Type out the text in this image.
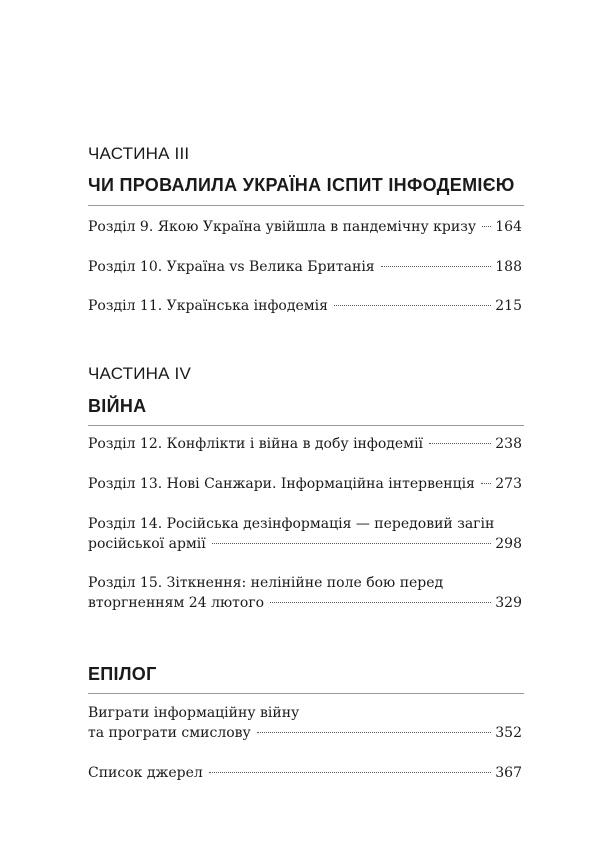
ЧАСТИНА III
ЧИ ПРОВАЛИЛА УКРАЇНА ІСПИТ ІНФОДЕМІЄЮ
Розділ 9. Якою Україна увійшла в пандемічну кризу 164
Розділ 10. Україна vs Велика Британія	188
Розділ 11. Українська інфодемія	215
ЧАСТИНА IV
ВІЙНА
Розділ 12. Конфлікти і війна в добу інфодемії	238
Розділ 13. Нові Санжари. Інформаційна інтервенція 273
Розділ 14. Російська дезінформація — передовий загін
російської армії	298
Розділ 15. Зіткнення: нелінійне поле бою перед
вторгненням 24 лютого	329
ЕПІЛОГ
Виграти інформаційну війну
та програти смислову	352
Список джерел	367
